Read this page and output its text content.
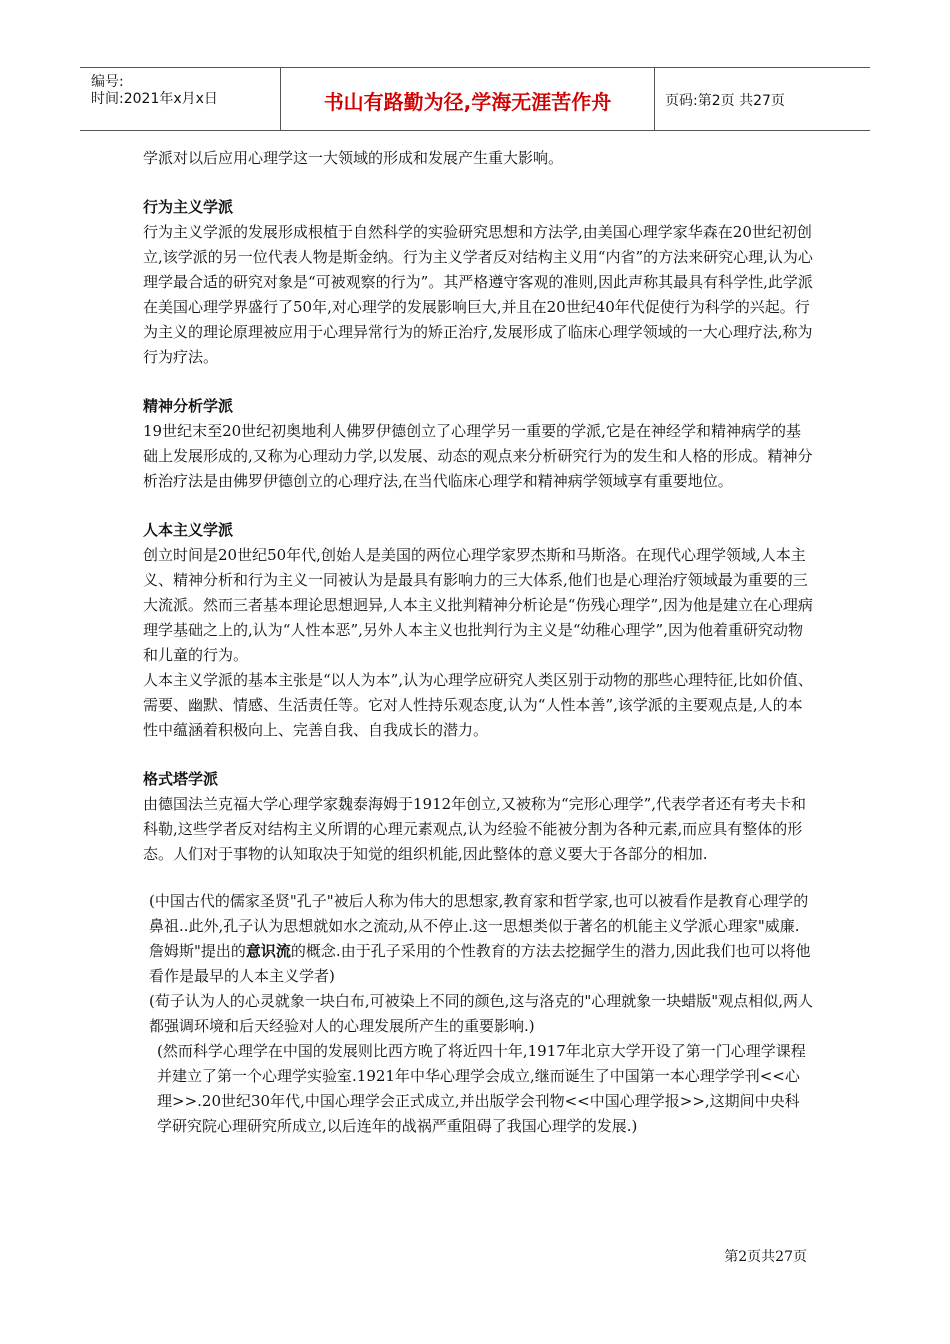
编号:
时间:2021年x月x日	书山有路勤为径,学海无涯苦作舟	页码:第2页 共27页

学派对以后应用心理学这一大领域的形成和发展产生重大影响。

行为主义学派

行为主义学派的发展形成根植于自然科学的实验研究思想和方法学,由美国心理学家华森在20世纪初创立,该学派的另一位代表人物是斯金纳。行为主义学者反对结构主义用“内省”的方法来研究心理,认为心理学最合适的研究对象是“可被观察的行为”。其严格遵守客观的准则,因此声称其最具有科学性,此学派在美国心理学界盛行了50年,对心理学的发展影响巨大,并且在20世纪40年代促使行为科学的兴起。行为主义的理论原理被应用于心理异常行为的矫正治疗,发展形成了临床心理学领域的一大心理疗法,称为行为疗法。

精神分析学派

19世纪末至20世纪初奥地利人佛罗伊德创立了心理学另一重要的学派,它是在神经学和精神病学的基础上发展形成的,又称为心理动力学,以发展、动态的观点来分析研究行为的发生和人格的形成。精神分析治疗法是由佛罗伊德创立的心理疗法,在当代临床心理学和精神病学领域享有重要地位。

人本主义学派

创立时间是20世纪50年代,创始人是美国的两位心理学家罗杰斯和马斯洛。在现代心理学领域,人本主义、精神分析和行为主义一同被认为是最具有影响力的三大体系,他们也是心理治疗领域最为重要的三大流派。然而三者基本理论思想迥异,人本主义批判精神分析论是“伤残心理学”,因为他是建立在心理病理学基础之上的,认为“人性本恶”,另外人本主义也批判行为主义是“幼稚心理学”,因为他着重研究动物和儿童的行为。

人本主义学派的基本主张是“以人为本”,认为心理学应研究人类区别于动物的那些心理特征,比如价值、需要、幽默、情感、生活责任等。它对人性持乐观态度,认为“人性本善”,该学派的主要观点是,人的本性中蕴涵着积极向上、完善自我、自我成长的潜力。

格式塔学派

由德国法兰克福大学心理学家魏泰海姆于1912年创立,又被称为“完形心理学”,代表学者还有考夫卡和科勒,这些学者反对结构主义所谓的心理元素观点,认为经验不能被分割为各种元素,而应具有整体的形态。人们对于事物的认知取决于知觉的组织机能,因此整体的意义要大于各部分的相加.

(中国古代的儒家圣贤"孔子"被后人称为伟大的思想家,教育家和哲学家,也可以被看作是教育心理学的鼻祖..此外,孔子认为思想就如水之流动,从不停止.这一思想类似于著名的机能主义学派心理家"威廉.詹姆斯"提出的意识流的概念.由于孔子采用的个性教育的方法去挖掘学生的潜力,因此我们也可以将他看作是最早的人本主义学者)

(荀子认为人的心灵就象一块白布,可被染上不同的颜色,这与洛克的"心理就象一块蜡版"观点相似,两人都强调环境和后天经验对人的心理发展所产生的重要影响.)

(然而科学心理学在中国的发展则比西方晚了将近四十年,1917年北京大学开设了第一门心理学课程并建立了第一个心理学实验室.1921年中华心理学会成立,继而诞生了中国第一本心理学学刊<<心理>>.20世纪30年代,中国心理学会正式成立,并出版学会刊物<<中国心理学报>>,这期间中央科学研究院心理研究所成立,以后连年的战祸严重阻碍了我国心理学的发展.)

第2页共27页
